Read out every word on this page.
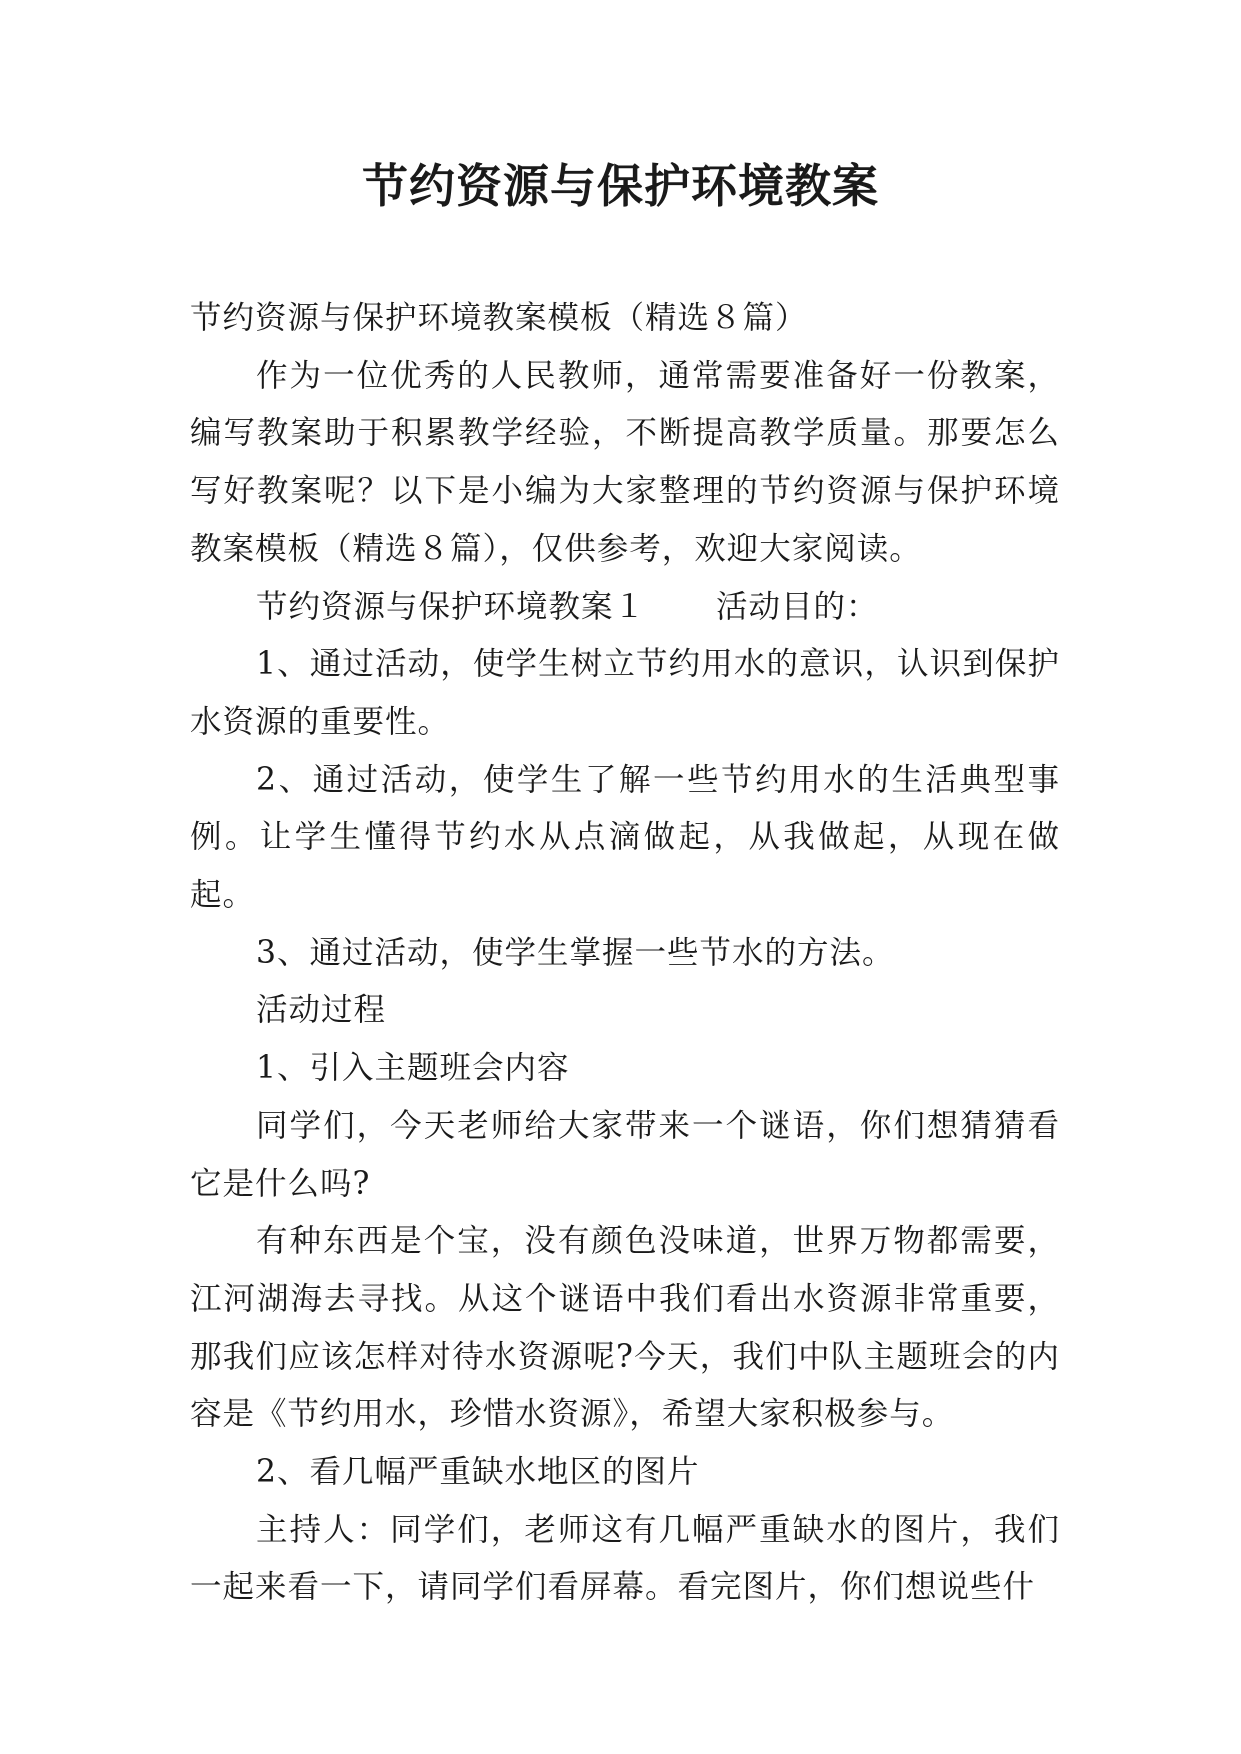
节约资源与保护环境教案

节约资源与保护环境教案模板（精选８篇）

作为一位优秀的人民教师，通常需要准备好一份教案，编写教案助于积累教学经验，不断提高教学质量。那要怎么写好教案呢？以下是小编为大家整理的节约资源与保护环境教案模板（精选８篇），仅供参考，欢迎大家阅读。

节约资源与保护环境教案１ 活动目的：

1、通过活动，使学生树立节约用水的意识，认识到保护水资源的重要性。

2、通过活动，使学生了解一些节约用水的生活典型事例。让学生懂得节约水从点滴做起，从我做起，从现在做起。

3、通过活动，使学生掌握一些节水的方法。

活动过程

1、引入主题班会内容

同学们，今天老师给大家带来一个谜语，你们想猜猜看它是什么吗?

有种东西是个宝，没有颜色没味道，世界万物都需要，江河湖海去寻找。从这个谜语中我们看出水资源非常重要，那我们应该怎样对待水资源呢?今天，我们中队主题班会的内容是《节约用水，珍惜水资源》，希望大家积极参与。

2、看几幅严重缺水地区的图片

主持人：同学们，老师这有几幅严重缺水的图片，我们一起来看一下，请同学们看屏幕。看完图片，你们想说些什
